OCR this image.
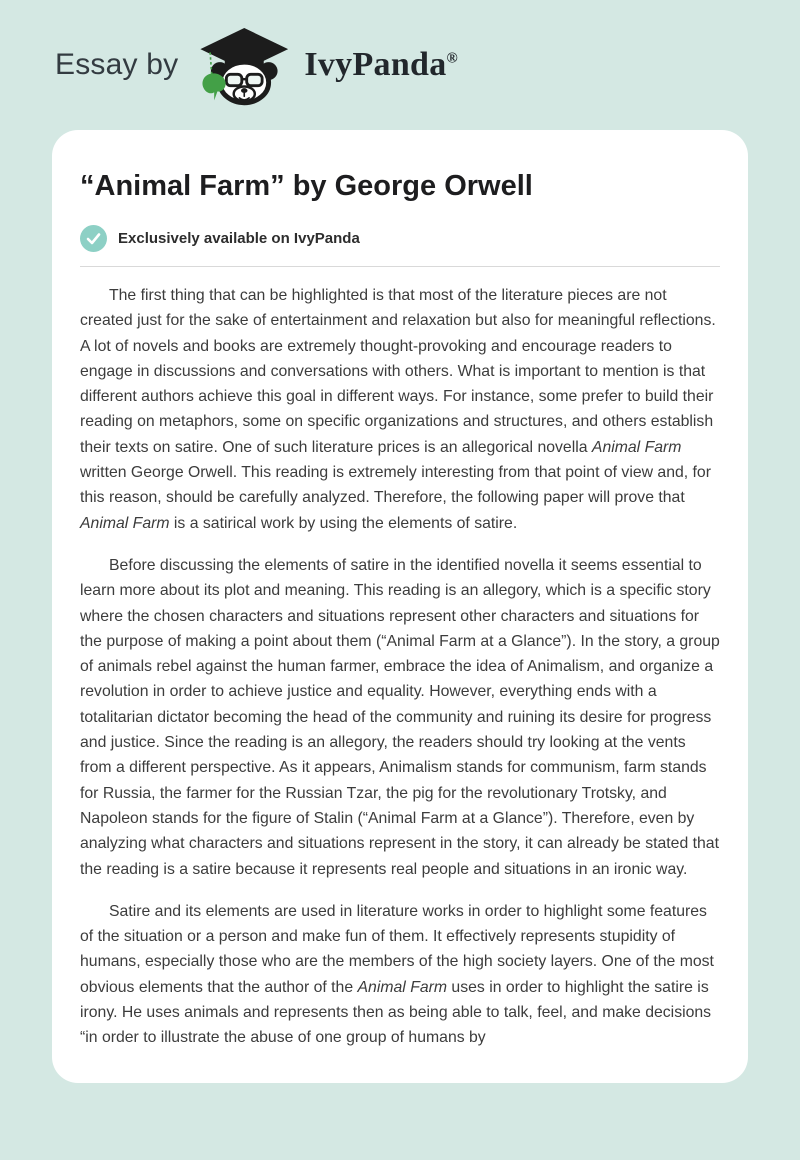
Essay by	IvyPanda®
“Animal Farm” by George Orwell
Exclusively available on IvyPanda

The first thing that can be highlighted is that most of the literature pieces are not created just for the sake of entertainment and relaxation but also for meaningful reflections. A lot of novels and books are extremely thought-provoking and encourage readers to engage in discussions and conversations with others. What is important to mention is that different authors achieve this goal in different ways. For instance, some prefer to build their reading on metaphors, some on specific organizations and structures, and others establish their texts on satire. One of such literature prices is an allegorical novella Animal Farm written George Orwell. This reading is extremely interesting from that point of view and, for this reason, should be carefully analyzed. Therefore, the following paper will prove that Animal Farm is a satirical work by using the elements of satire.

Before discussing the elements of satire in the identified novella it seems essential to learn more about its plot and meaning. This reading is an allegory, which is a specific story where the chosen characters and situations represent other characters and situations for the purpose of making a point about them (“Animal Farm at a Glance”). In the story, a group of animals rebel against the human farmer, embrace the idea of Animalism, and organize a revolution in order to achieve justice and equality. However, everything ends with a totalitarian dictator becoming the head of the community and ruining its desire for progress and justice. Since the reading is an allegory, the readers should try looking at the vents from a different perspective. As it appears, Animalism stands for communism, farm stands for Russia, the farmer for the Russian Tzar, the pig for the revolutionary Trotsky, and Napoleon stands for the figure of Stalin (“Animal Farm at a Glance”). Therefore, even by analyzing what characters and situations represent in the story, it can already be stated that the reading is a satire because it represents real people and situations in an ironic way.

Satire and its elements are used in literature works in order to highlight some features of the situation or a person and make fun of them. It effectively represents stupidity of humans, especially those who are the members of the high society layers. One of the most obvious elements that the author of the Animal Farm uses in order to highlight the satire is irony. He uses animals and represents then as being able to talk, feel, and make decisions “in order to illustrate the abuse of one group of humans by
